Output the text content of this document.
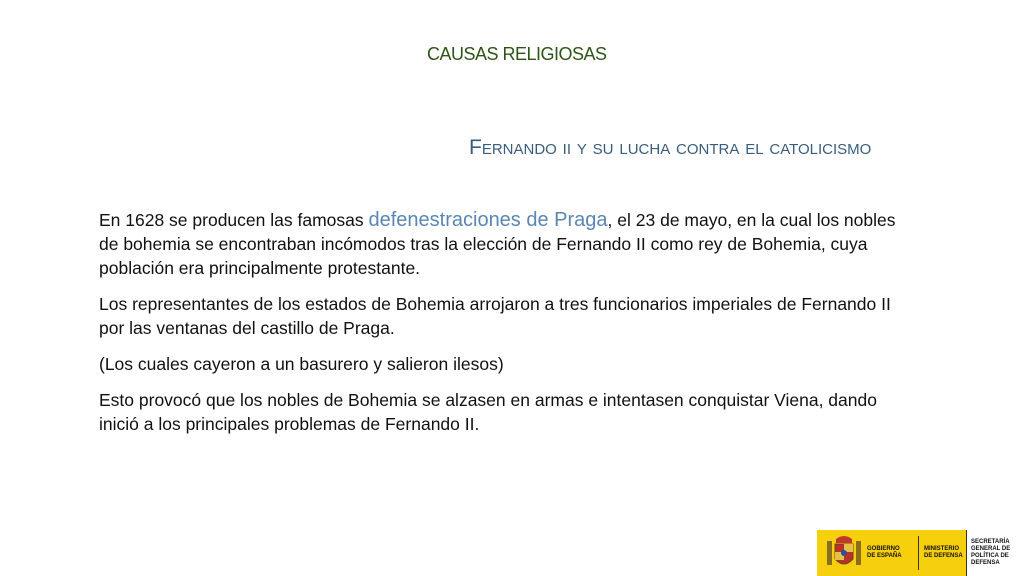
CAUSAS RELIGIOSAS
Fernando ii y su lucha contra el catolicismo

En 1628 se producen las famosas defenestraciones de Praga, el 23 de mayo, en la cual los nobles de bohemia se encontraban incómodos tras la elección de Fernando II como rey de Bohemia, cuya población era principalmente protestante.

Los representantes de los estados de Bohemia arrojaron a tres funcionarios imperiales de Fernando II por las ventanas del castillo de Praga.

(Los cuales cayeron a un basurero y salieron ilesos)

Esto provocó que los nobles de Bohemia se alzasen en armas e intentasen conquistar Viena, dando inició a los principales problemas de Fernando II.

GOBIERNO
DE ESPAÑA
MINISTERIO
DE DEFENSA
SECRETARÍA GENERAL DE
POLÍTICA DE DEFENSA
